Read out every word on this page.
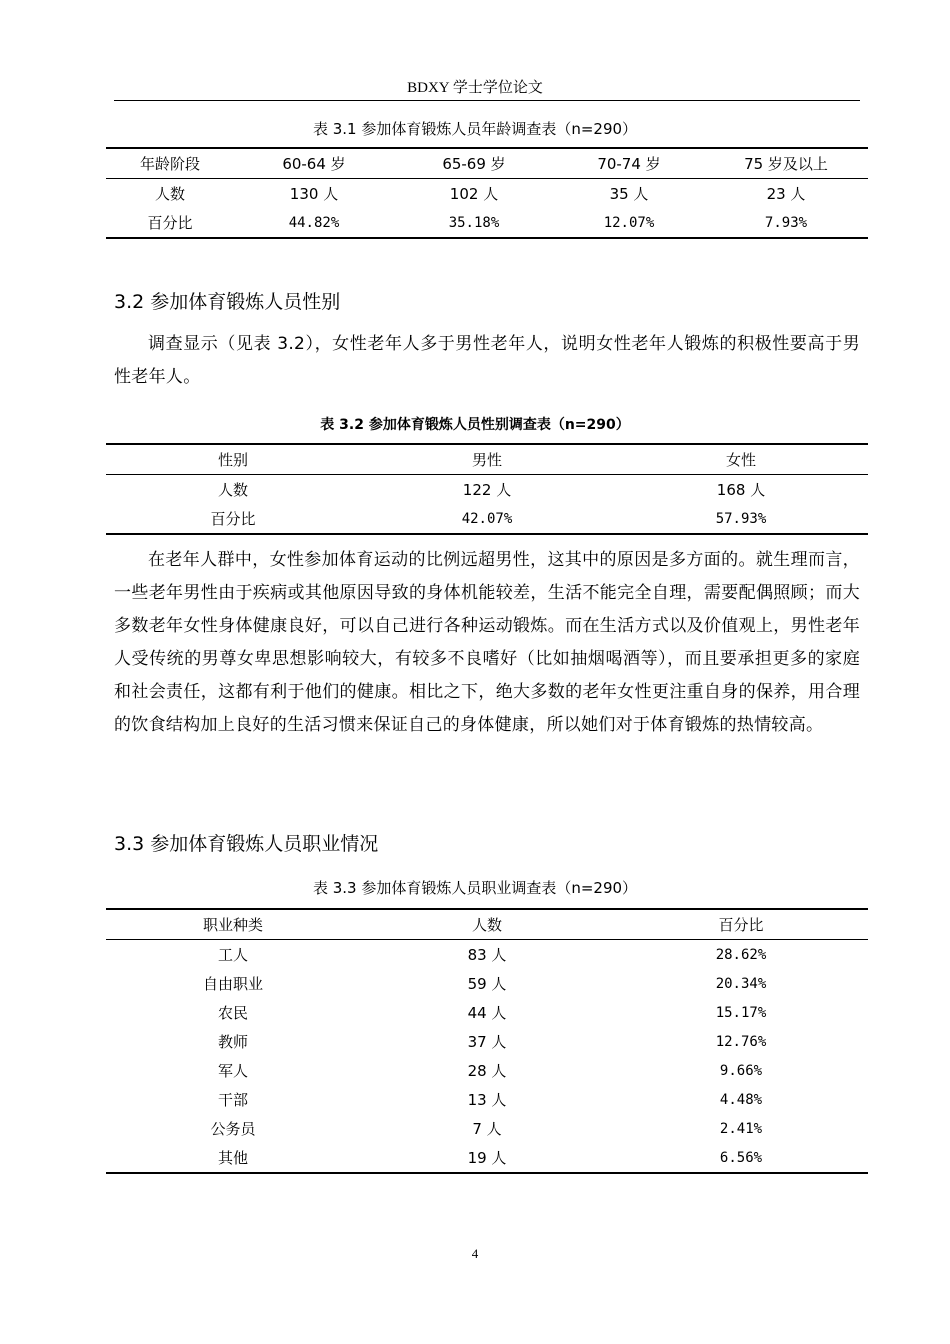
BDXY 学士学位论文
表 3.1 参加体育锻炼人员年龄调查表（n=290）
年龄阶段	60-64 岁	65-69 岁	70-74 岁	75 岁及以上
人数	130 人	102 人	35 人	23 人
百分比	44.82%	35.18%	12.07%	7.93%
3.2 参加体育锻炼人员性别
调查显示（见表 3.2），女性老年人多于男性老年人，说明女性老年人锻炼的积极性要高于男性老年人。
表 3.2 参加体育锻炼人员性别调查表（n=290）
性别	男性	女性
人数	122 人	168 人
百分比	42.07%	57.93%
在老年人群中，女性参加体育运动的比例远超男性，这其中的原因是多方面的。就生理而言，一些老年男性由于疾病或其他原因导致的身体机能较差，生活不能完全自理，需要配偶照顾；而大多数老年女性身体健康良好，可以自己进行各种运动锻炼。而在生活方式以及价值观上，男性老年人受传统的男尊女卑思想影响较大，有较多不良嗜好（比如抽烟喝酒等），而且要承担更多的家庭和社会责任，这都有利于他们的健康。相比之下，绝大多数的老年女性更注重自身的保养，用合理的饮食结构加上良好的生活习惯来保证自己的身体健康，所以她们对于体育锻炼的热情较高。
3.3 参加体育锻炼人员职业情况
表 3.3 参加体育锻炼人员职业调查表（n=290）
职业种类	人数	百分比
工人	83 人	28.62%
自由职业	59 人	20.34%
农民	44 人	15.17%
教师	37 人	12.76%
军人	28 人	9.66%
干部	13 人	4.48%
公务员	7 人	2.41%
其他	19 人	6.56%
4
